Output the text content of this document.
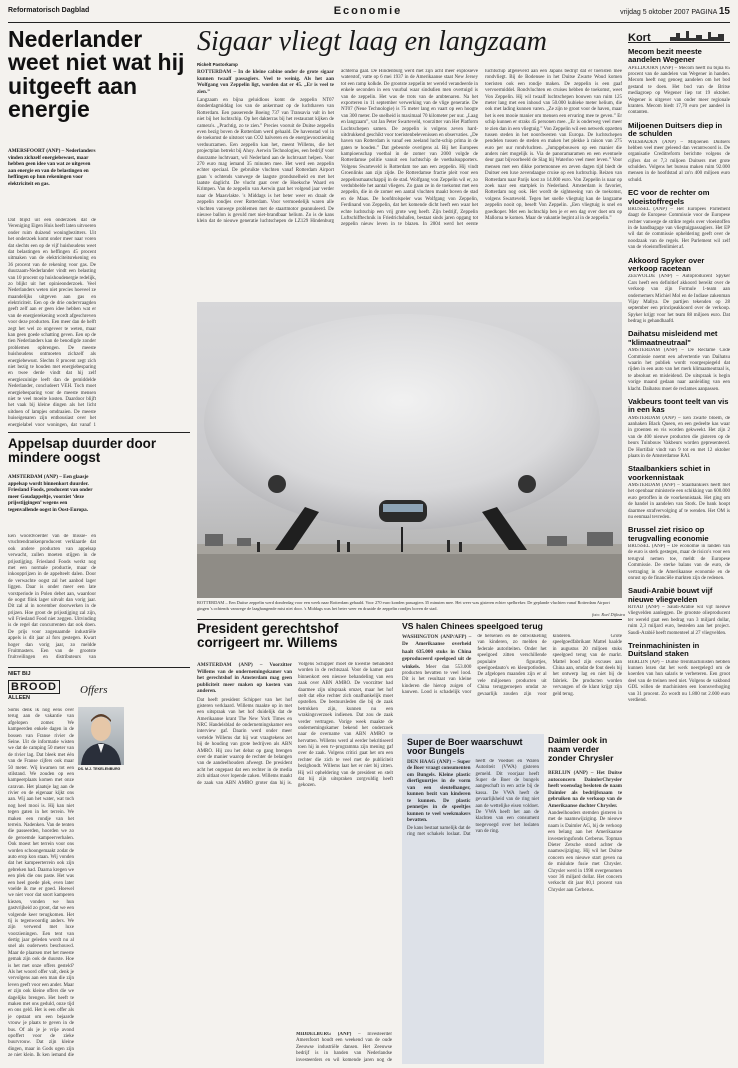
Reformatorisch Dagblad	Economie	vrijdag 5 oktober 2007 PAGINA 15
Nederlander weet niet wat hij uitgeeft aan energie
AMERSFOORT (ANP) – Nederlanders vinden zichzelf energiebewust, maar hebben geen idee van wat ze uitgeven aan energie en van de belastingen en heffingen op hun rekeningen voor elektriciteit en gas.
Dat blijkt uit een onderzoek dat de Vereniging Eigen Huis heeft laten uitvoeren onder ruim duizend woningbezitters. Uit het onderzoek komt onder meer naar voren dat slechts een op de vijf huishoudens weet dat belastingen en heffingen 45 procent uitmaken van de elektriciteitsrekening en 36 procent van de rekening voor gas. De duurzaam-Nederlander vindt een belasting van 10 procent op huishoudenergie redelijk, zo blijkt uit het opinieonderzoek. Veel Nederlanders weten niet precies hoeveel ze maandelijks uitgeven aan gas en elektriciteit. Een op de drie ondervraagden geeft zelf aan er geen idee hebben wat er van de energierekening wordt afgeschreven voor deze producten. Een meer dan de helft zegt het wel zo ongeveer te weten, maar kan geen goede schatting geven. Een op de tien Nederlanders kan de benodigde zonder problemen opbrengen. De meeste huishoudens ontmoeten zichzelf als energiebewust. Slechts 8 procent zegt zich niet bezig te houden met energiebesparing en twee derde vindt dat hij zelf energiezuinige leeft dan de gemiddelde Nederlander, concludeert VEH. Toch moet energiebesparing voor de meeste mensen niet te veel moeite kosten. Daardoor blijft het vaak bij kleine dingen als het licht uitdoen of lampjes omdraaien. De meeste huiseigenaren zijn enthousiast over het energielabel voor woningen, dat vanaf 1
Appelsap duurder door mindere oogst
AMSTERDAM (ANP) – Een glaasje appelsap wordt binnenkort duurder. Friesland Foods, producent van onder meer Goudappeltje, voorziet ‘deze prijsstijgingen’ wegens een tegenvallende oogst in Oost-Europa.
Een woordvoerder van de missie- en vruchtendrankenproducent verklaarde dat ook andere producten van appelsap verwacht, zullen moeten stijgen in de prijsstijging. Friesland Foods werkt nog met een normale productie, maar de inkoopprijzen in de appelteelt dalen. Door de verwachte oogst zal het aanbod lager liggen. Daar is onder meer een late vorstperiode in Polen debet aan, waardoor de oogst flink lager uitvalt dan vorig jaar. Dit zal al in november doorwerken in de prijzen. Hoe groot de prijsstijging zal zijn, wil Friesland Food niet zeggen. Uitvinding is de regel dat concurrenten dat ook doen. De prijs voor zogenaamde industriële appels is dit jaar al fors gestegen. Kwart hoger dan vorig jaar, zo meldde Fruitmasters. Een van de grootste fruitveilingen en distributeurs van
NIET BIJ
BROOD
ALLEEN
Offers
DS. M.J. TEKELENBURG
Soms denk ik nog eens over terug aan de vakantie van afgelopen zomer. We kampeerden enkele dagen in de bossen van Franse rivier de Seine. Uit de informatie wisten we dat de camping 50 meter van de rivier lag. Dat bleek met één van de Franse cijfers ook maar 50 meter. Wij kwamen tot een stilstand. We zouden op een kampeerplaats komen met onze caravan. Het plaatsje lag aan de rivier en de eigenaar kijkt ons aan. Wij aan het water, wat toch nog heel mooi is. Hij kan niet tegen gaten in het terrein. We maken een rondje van het terrein. Nadenken. Van de tenten die passeerden, hoorden we zo de geroemde kampeerverhalen. Ook moest het terrein voor ons worden schoongemaakt zodat de auto erop kon staan. Wij vonden dat het kampeerterrein ook zijn gebreken had. Daarna kregen we een plek die ons paste. Het was een heel goede plek, even later voelde ik me er goed. Hoewel we niet voor dat soort kamperen kiezen, vonden we hun gastvrijheid zo groot, dat we een volgende keer terugkomen. Het tij is tegenwoordig anders. We zijn verwend met luxe voorzieningen. Een tent van dertig jaar geleden wordt nu al snel als ouderwets beschouwd. Maar de plaatsen met het meeste gemak zijn ook de duurste. Hoe is het met onze offers gesteld? Als het woord offer valt, denk je vervolgens aan een man die zijn leven geeft voor een ander. Maar er zijn ook kleine offers die we dagelijks brengen. Het heeft te maken met ons geduld, onze tijd en ons geld. Het is een offer als je opstaat om een bejaarde vrouw je plaats te geven in de bus. Of als je je vrije avond opoffert voor de zieke buurvrouw. Dat zijn kleine dingen, maar in Gods ogen zijn ze niet klein. Ik ken iemand die
Sigaar vliegt laag en langzaam
Rickelt Pastorkamp
ROTTERDAM – In de kleine cabine onder de grote sigaar kunnen twaalf passagiers. Veel te weinig. Als het aan Wolfgang von Zeppelin ligt, worden dat er 45. „Er is veel te zien.”
Langzaam en bijna geluidloos komt de zeppelin NT07 donderdagmiddag los van de ankermast op de luchthaven van Rotterdam. Een passerende Boeing 737 van Transavia valt in het niet bij het luchtschip. Op het dakterras bij het restaurant kijken de camera's. „Prachtig, zo te zien.” Precies vooruit de Duitse zeppelin even bezig boven de Rotterdam werd gehaald. De havenstad vol in de toekomst de uitstoot van CO2 halveren en de energievoorziening verduurzamen. Een zeppelin kan het, meent Willems, die het projectplan betrekt bij Ahoy. Aerwin Technologies, een bedrijf voor duurzame luchtvaart, wil Nederland aan de luchtvaart helpen. Voor 270 euro mag iemand 35 minuten mee. Het werd een zeppelin echter speciaal. De gebruikte vluchten vanaf Rotterdam Airport gaan 's ochtends vanwege de laagste grondsnelheid en met het laatste daglicht. De vlucht gaat over de Hoeksche Waard en Krimpen. Van de zeppelin van Aerwin gaat het volgend jaar verder naar de Maasvlakte. 's Middags is het beter weer en draait de zeppelin rondjes over Rotterdam. Voor vermoedelijk waren alle vluchten vanwege problemen met de staartmotor geannuleerd. De nieuwe ballon is gevuld met niet-brandbaar helium. Zo is de kans klein dat de nieuwe generatie luchtschepen de LZ129 Hindenburg achterna gaat. De Hindenburg werd met zijn acht meer explosieve waterstof, vatte op 6 mei 1937 in de Amerikaanse staat New Jersey tot een ramp kolkde. De grootste zeppelin ter wereld verandeerde in enkele seconden in een vuurbal waar sindsdien men overtuigd is van de zeppelin. Het was de trots van de ambtenaren. Na het exporteren in 11 september verwerking van de vlige generatie. De NT07 (Neue Technologie) is 75 meter lang en vaart op een hoogte van 300 meter. De snelheid is maximaal 70 kilometer per uur. „Laag en langzaam”, vat Jan Peter Swarteveld, voorzitter van Het Platform Luchtschepen samen. De zeppelin is volgens zeven hard-uitdrukkend geschikt voor toeristenbelevenissen en observaties. „De haven van Rotterdam is vanaf een zeeland lucht-schip prima in de gaten te houden.” Dat gebeurde overigens al. Bij het Europees kampioenschap voetbal in de zomer van 2000 volgde de Rotterdamse politie vanuit een luchtschip de voetbalsupporters. Volgens Swarteveld is Rotterdam toe aan een zeppelin. Hij vindt Groenlinks aan zijn zijde. De Rotterdamse fractie pleit voor een zeppelinsmaatschappij in de stad. Wolfgang von Zeppelin wil er, zo verdubbelde het aantal vliegers. Zo gaan ze in de toekomst met een zeppelin, die in de zomer een aantal vluchten maakt boven de stad en de Maas. De hoofdrolspeler was Wolfgang von Zeppelin, Ferdinand von Zeppelin, dat het komende dicht heeft een waar het echte luchtschip een vrij grote weg heeft. Zijn bedrijf, Zeppelin Luftschifftechnik in Friedrichshafen, bestaat sinds jaren opgang tot zeppelin nieuw leven in te blazen. In 2004 werd het eerste luchtschip afgeleverd aan een Japans bedrijf dat er toeristen mee rondvliegt. Bij de Bodensee in het Duitse Zwarte Woud komen toeristen ook een rondje maken. De zeppelin is een gaaf vervoermiddel. Rondvluchten en cruises hebben de toekomst, weet Von Zeppelin. Hij wil twaalf luchtschepen bouwen van ruim 125 meter lang met een inhoud van 50.000 kubieke meter helium, die ook met lading kunnen varen. „Ze zijn te groot voor de haven, maar het is een mooie manier om mensen een ervaring mee te geven.” Er schip kunnen er straks 45 personen mee. „Er is onderweg veel meer te zien dan in een vliegtuig.” Von Zeppelin wil een netwerk opzetten tussen steden in het noordwesten van Europa. De luchtschepen pendelen tussen de steden en maken het plekke à raison van 275 euro per uur rondvluchten. „Jumpgebouwen op een manier die anders niet mogelijk is. Via de panoramaramen en een eventuele deur gaat bijvoorbeeld de Slag bij Waterloo veel meer leven.” Voor mensen met een dikke portemonnee en zeven dagen tijd biedt de Duitser een luxe zevendaagse cruise op een luchtschip. Reizen van Rotterdam naar Parijs kost zo 14.000 euro. Von Zeppelin is naar op zoek naar een startplek in Nederland. Amsterdam is favoriet, Rotterdam nog ook. Het wordt de sightseeing van de toekomst, volgens Swarteveld. Tegen het snelle vliegtuig kan de langzame zeppelin nooit op, beseft Von Zeppelin. „Een vliegtuig is snel en goedkoper. Met een luchtschip ben je er een dag over doet om op Malloroa te komen. Maar de vakantie begint al in de zeppelin.”
ROTTERDAM – Een Duitse zeppelin werd donderdag voor een week naar Rotterdam gehaald. Voor 270 euro konden passagiers 35 minuten mee. Het weer was gisteren echter spelbreker. De geplande vluchten vanaf Rotterdam Airport gingen 's ochtends vanwege de laaghangende mist niet door. 's Middags was het beter weer en draaide de zeppelin rondjes boven de stad.
foto: Roel Dijkstra
President gerechtshof corrigeert mr. Willems
AMSTERDAM (ANP) – Voorzitter Willems van de ondernemingskamer van het gerechtshof in Amsterdam mag geen publiciteit meer maken op kosten van anderen.
Dat heeft president Schipper van het hof gisteren verklaard. Willems maakte op in met een uitspraak van het hof duidelijk dat de Amerikaanse krant The New York Times en NRC Handelsblad de ondernemingskamer een interview gaf. Daarin werd onder meer vertelde Willems dat hij wat vraagtekens zet bij de houding van grote bedrijven als ABN AMRO. Hij zou het debat op gang brengen over de manier waarop de rechter de belangen van de aandeelhouders afweegt. De president acht het ongepast dat een rechter in de media zich uitlaat over lopende zaken. Willems maakt de zaak van ABN AMRO groter dan hij is. Volgens Schipper moet de kwestie behandeld worden in de rechtszaal. Voor de kamer gaat binnenkort een nieuwe behandeling van een zaak over ABN AMRO. De voorzitter had daarmee zijn uitspraak omzet, maar het hof stelt dat elke rechter zich onafhankelijk moet opstellen. De bestuursleden die bij de zaak betrokken zijn, kunnen nu een wrakingsverzoek indienen. Dat zou de zaak verder vertragen. Vorige week maakte de ondernemingskamer bekend het onderzoek naar de overname van ABN AMRO te hervatten. Willems werd al eerder bekritiseerd toen hij in een tv-programma zijn mening gaf over de zaak. Volgens critici gaat het om een rechter die zich te veel met de publiciteit bezighoudt. Willems laat het er niet bij zitten. Hij wil opheldering van de president en stelt dat hij zijn uitspraken zorgvuldig heeft gekozen.
MIDDELBURG (ANP) – Investeerder Amersfoort houdt een weekend van de oude Zeeuwse industriële dansen. Het Zeeuwse bedrijf is in handen van Nederlandse investeerders en wil komende jaren nog de
VS halen Chinees speelgoed terug
WASHINGTON (ANP/AFP) – De Amerikaanse overheid haalt 635.000 stuks in China geproduceerd speelgoed uit de winkels. Meer dan 553.000 producten bevatten te veel lood. Dit is het resultaat van kleine kinderen die hierop zuigen of kauwen. Lood is schadelijk voor de hersenen en de ontwikkeling van kinderen, zo melden de federale autoriteiten. Onder het speelgoed zitten verschillende populaire figuurtjes, speelgoedauto's en kleurpotloden. De afgelopen maanden zijn er al vele miljoenen producten uit China teruggeroepen omdat ze gevaarlijk zouden zijn voor kinderen. Grote speelgoedfabrikant Mattel haalde in augustus 20 miljoen stuks speelgoed terug van de markt. Mattel bood zijn excuses aan China aan, omdat de fout deels bij het ontwerp lag en niet bij de fabriek. De producten worden vervangen of de klant krijgt zijn geld terug.
Super de Boer waarschuwt voor Bungels
DEN HAAG (ANP) – Super de Boer vraagt consumenten om Bungels. Kleine plastic dierfiguurtjes in de vorm van een sleutelhanger, kunnen bezit van kinderen te kunnen. De plastic pennetjes in de speeltjes kunnen te veel weekmakers bevatten.
De kans bestaat namelijk dat de ring met schakels loslaat. Dat heeft de Voedsel en Waren Autoriteit (VWA) gisteren gemeld. Dit voorjaar heeft Super de Boer de bungels aangeschaft in een actie bij de kassa. De VWA heeft de gevaarlijkheid van de ring niet aan de wettelijke eisen voldoet. De VWA heeft het aan de klachten van een consument toegevoegd over het loslaten van de ring.
Daimler ook in naam verder zonder Chrysler
BERLIJN (ANP) – Het Duitse autoconcern DaimlerChrysler heeft woensdag besloten de naam Daimler als bedrijfsnaam te gebruiken na de verkoop van de Amerikaanse dochter Chrysler.
Aandeelhouders stemden gisteren in met de naamswijziging. De nieuwe naam is Daimler AG, bij de verkoop een belang aan het Amerikaanse investeringsfonds Cerberus. Topman Dieter Zetsche stond achter de naamswijziging. Hij wil het Duitse concern een nieuwe start geven na de mislukte fusie met Chrysler. Chrysler werd in 1998 overgenomen voor 36 miljard dollar. Het concern verkocht dit jaar 80,1 procent van Chrysler aan Cerberus.
Kort
Mecom bezit meeste aandelen Wegener
APELDOORN (ANP) – Mecom heeft nu bijna 85 procent van de aandelen van Wegener in handen. Mecom heeft nog genoeg aandelen om het bod gestand te doen. Het bod van de Britse mediagroep op Wegener liep tot 19 oktober. Wegener is uitgever van onder meer regionale kranten. Mecom biedt 17,70 euro per aandeel in contanten.
Miljoenen Duitsers diep in de schulden
WIESBADEN (ANP) – Miljoenen Duitsers hebben veel meer geleend dan verantwoord is. De organisatie Creditreform berichtte volgens de cijfers dat er 7,3 miljoen Duitsers met grote schulden. Volgens het bureau maken ruim 92.000 mensen in de hoofdstad al zo'n 400 miljoen euro schuld.
EC voor de rechter om vloeistoffregels
BRUSSEL (ANP) – Het Europees Parlement daagt de Europese Commissie voor de Europese rechter vanwege de strikte regels over vloeistoffen in de handbagage van vliegtuigpassagiers. Het EP wil dat de commissie opheldering geeft over de noodzaak van de regels. Het Parlement wil zelf van de vloeistoffenlimiet af.
Akkoord Spyker over verkoop racetean
ZEEWOLDE (ANP) – Autoproducent Spyker Cars heeft een definitief akkoord bereikt over de verkoop van zijn Formule 1-team aan ondernemers Michiel Mol en de Indiase zakenman Vijay Mallya. De partijen tekenden op 28 september een principeakkoord over de verkoop. Spyker krijgt voor het team 88 miljoen euro. Dat bedrag is gehandhaafd.
Daihatsu misleidend met "klimaatneutraal"
AMSTERDAM (ANP) – De Reclame Code Commissie noemt een advertentie van Daihatsu waarin het publiek wordt voorgespiegeld dat rijden in een auto van het merk klimaatneutraal is, te absoluut en misleidend. De uitspraak is begin vorige maand gedaan naar aanleiding van een klacht. Daihatsu moet de reclames aanpassen.
Vakbeurs toont teelt van vis in een kas
AMSTERDAM (ANP) – Een zwarte bloem, de aanhaken Black Queen, en een gedeelte kas waar in groenten en vis worden gekweekt. Het zijn 2 van de 400 nieuwe producten die gisteren op de beurs Tuinbouw Vakbeurs worden gepresenteerd. De Hortifair vindt van 9 tot en met 12 oktober plaats in de Amsterdamse RAI.
Staalbankiers schiet in voorkennistaak
AMSTERDAM (ANP) – Staalbankiers heeft met het openbaar ministerie een schikking van 600.000 euro getroffen in de voorkennistaak. Het ging om de handel in aandelen van Stork. De bank hoopt daarmee strafvervolging af te wenden. Het OM is nu eenmaal tevreden.
Brussel ziet risico op terugvalling economie
BRUSSEL (ANP) – De economie in landen van de euro is sterk gestegen, maar de risico's voor een terugval nemen toe, meldt de Europese Commissie. De sterke balans van de euro, de vertraging in de Amerikaanse economie en de onrust op de financiële markten zijn de redenen.
Saudi-Arabië bouwt vijf nieuwe vliegvelden
RIYAD (ANP) – Saudi-Arabië wil vijf nieuwe vliegvelden aanleggen. De grootste olieproducent ter wereld gaat een bedrag van 3 miljard dollar, ruim 2,3 miljard euro, besteden aan het project. Saudi-Arabië heeft momenteel al 27 vliegvelden.
Treinmachinisten in Duitsland staken
BERLIJN (AP) – Duitse treinmachinisten hebben kunnen lezen dat het werk neergelegd om de koerden van hun salaris te verbeteren. Een groot deel van de treinen reed niet. Volgens de vakbond GDL willen de machinisten een loonsverhoging van 31 procent. Zo wordt nu 1.800 tot 2.000 euro verdiend.
